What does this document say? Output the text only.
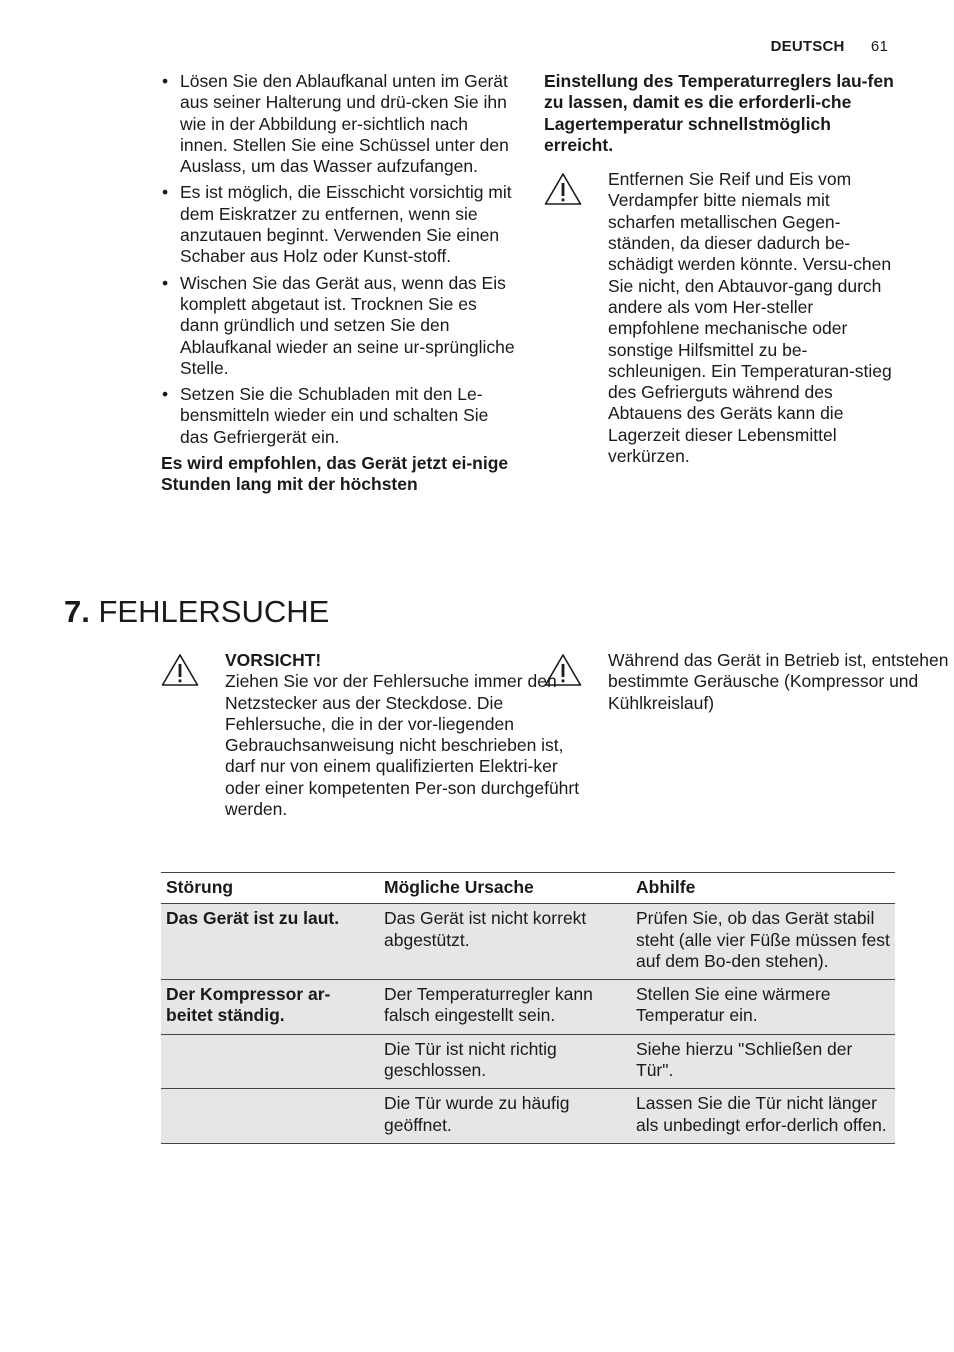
DEUTSCH 61
• Lösen Sie den Ablaufkanal unten im Gerät aus seiner Halterung und drü-cken Sie ihn wie in der Abbildung er-sichtlich nach innen. Stellen Sie eine Schüssel unter den Auslass, um das Wasser aufzufangen.
• Es ist möglich, die Eisschicht vorsichtig mit dem Eiskratzer zu entfernen, wenn sie anzutauen beginnt. Verwenden Sie einen Schaber aus Holz oder Kunst-stoff.
• Wischen Sie das Gerät aus, wenn das Eis komplett abgetaut ist. Trocknen Sie es dann gründlich und setzen Sie den Ablaufkanal wieder an seine ur-sprüngliche Stelle.
• Setzen Sie die Schubladen mit den Le-bensmitteln wieder ein und schalten Sie das Gefriergerät ein.
Es wird empfohlen, das Gerät jetzt ei-nige Stunden lang mit der höchsten
Einstellung des Temperaturreglers lau-fen zu lassen, damit es die erforderli-che Lagertemperatur schnellstmöglich erreicht.
Entfernen Sie Reif und Eis vom Verdampfer bitte niemals mit scharfen metallischen Gegen-ständen, da dieser dadurch be-schädigt werden könnte. Versu-chen Sie nicht, den Abtauvor-gang durch andere als vom Her-steller empfohlene mechanische oder sonstige Hilfsmittel zu be-schleunigen. Ein Temperaturan-stieg des Gefrierguts während des Abtauens des Geräts kann die Lagerzeit dieser Lebensmittel verkürzen.
7. FEHLERSUCHE
VORSICHT!
Ziehen Sie vor der Fehlersuche immer den Netzstecker aus der Steckdose. Die Fehlersuche, die in der vor-liegenden Gebrauchsanweisung nicht beschrieben ist, darf nur von einem qualifizierten Elektri-ker oder einer kompetenten Per-son durchgeführt werden.
Während das Gerät in Betrieb ist, entstehen bestimmte Geräusche (Kompressor und Kühlkreislauf)
Störung	Mögliche Ursache	Abhilfe
Das Gerät ist zu laut.	Das Gerät ist nicht korrekt abgestützt.	Prüfen Sie, ob das Gerät stabil steht (alle vier Füße müssen fest auf dem Bo-den stehen).
Der Kompressor ar-beitet ständig.	Der Temperaturregler kann falsch eingestellt sein.	Stellen Sie eine wärmere Temperatur ein.
	Die Tür ist nicht richtig geschlossen.	Siehe hierzu "Schließen der Tür".
	Die Tür wurde zu häufig geöffnet.	Lassen Sie die Tür nicht länger als unbedingt erfor-derlich offen.
